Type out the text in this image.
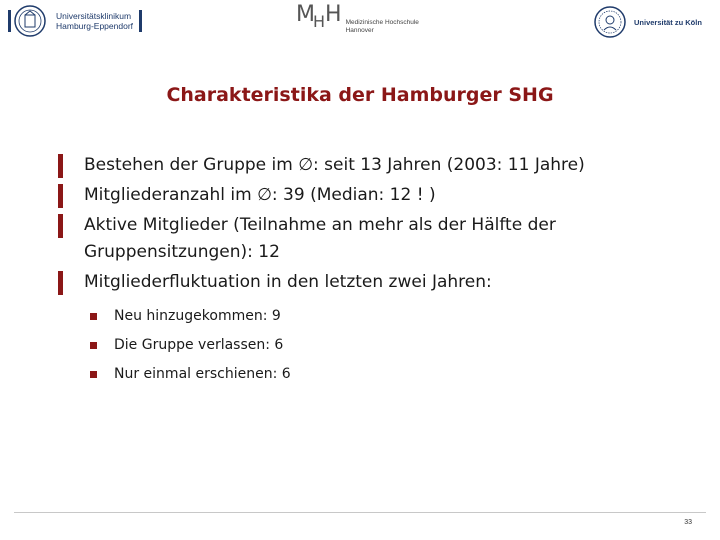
Universitätsklinikum
Hamburg-Eppendorf	$M_HH$ Medizinische Hochschule
Hannover
Universität zu Köln
Charakteristika der Hamburger SHG
Bestehen der Gruppe im ∅: seit 13 Jahren (2003: 11 Jahre)
Mitgliederanzahl im ∅: 39 (Median: 12 ! )
Aktive Mitglieder (Teilnahme an mehr als der Hälfte der Gruppensitzungen): 12
Mitgliederfluktuation in den letzten zwei Jahren:
Neu hinzugekommen: 9
Die Gruppe verlassen: 6
Nur einmal erschienen: 6
33
